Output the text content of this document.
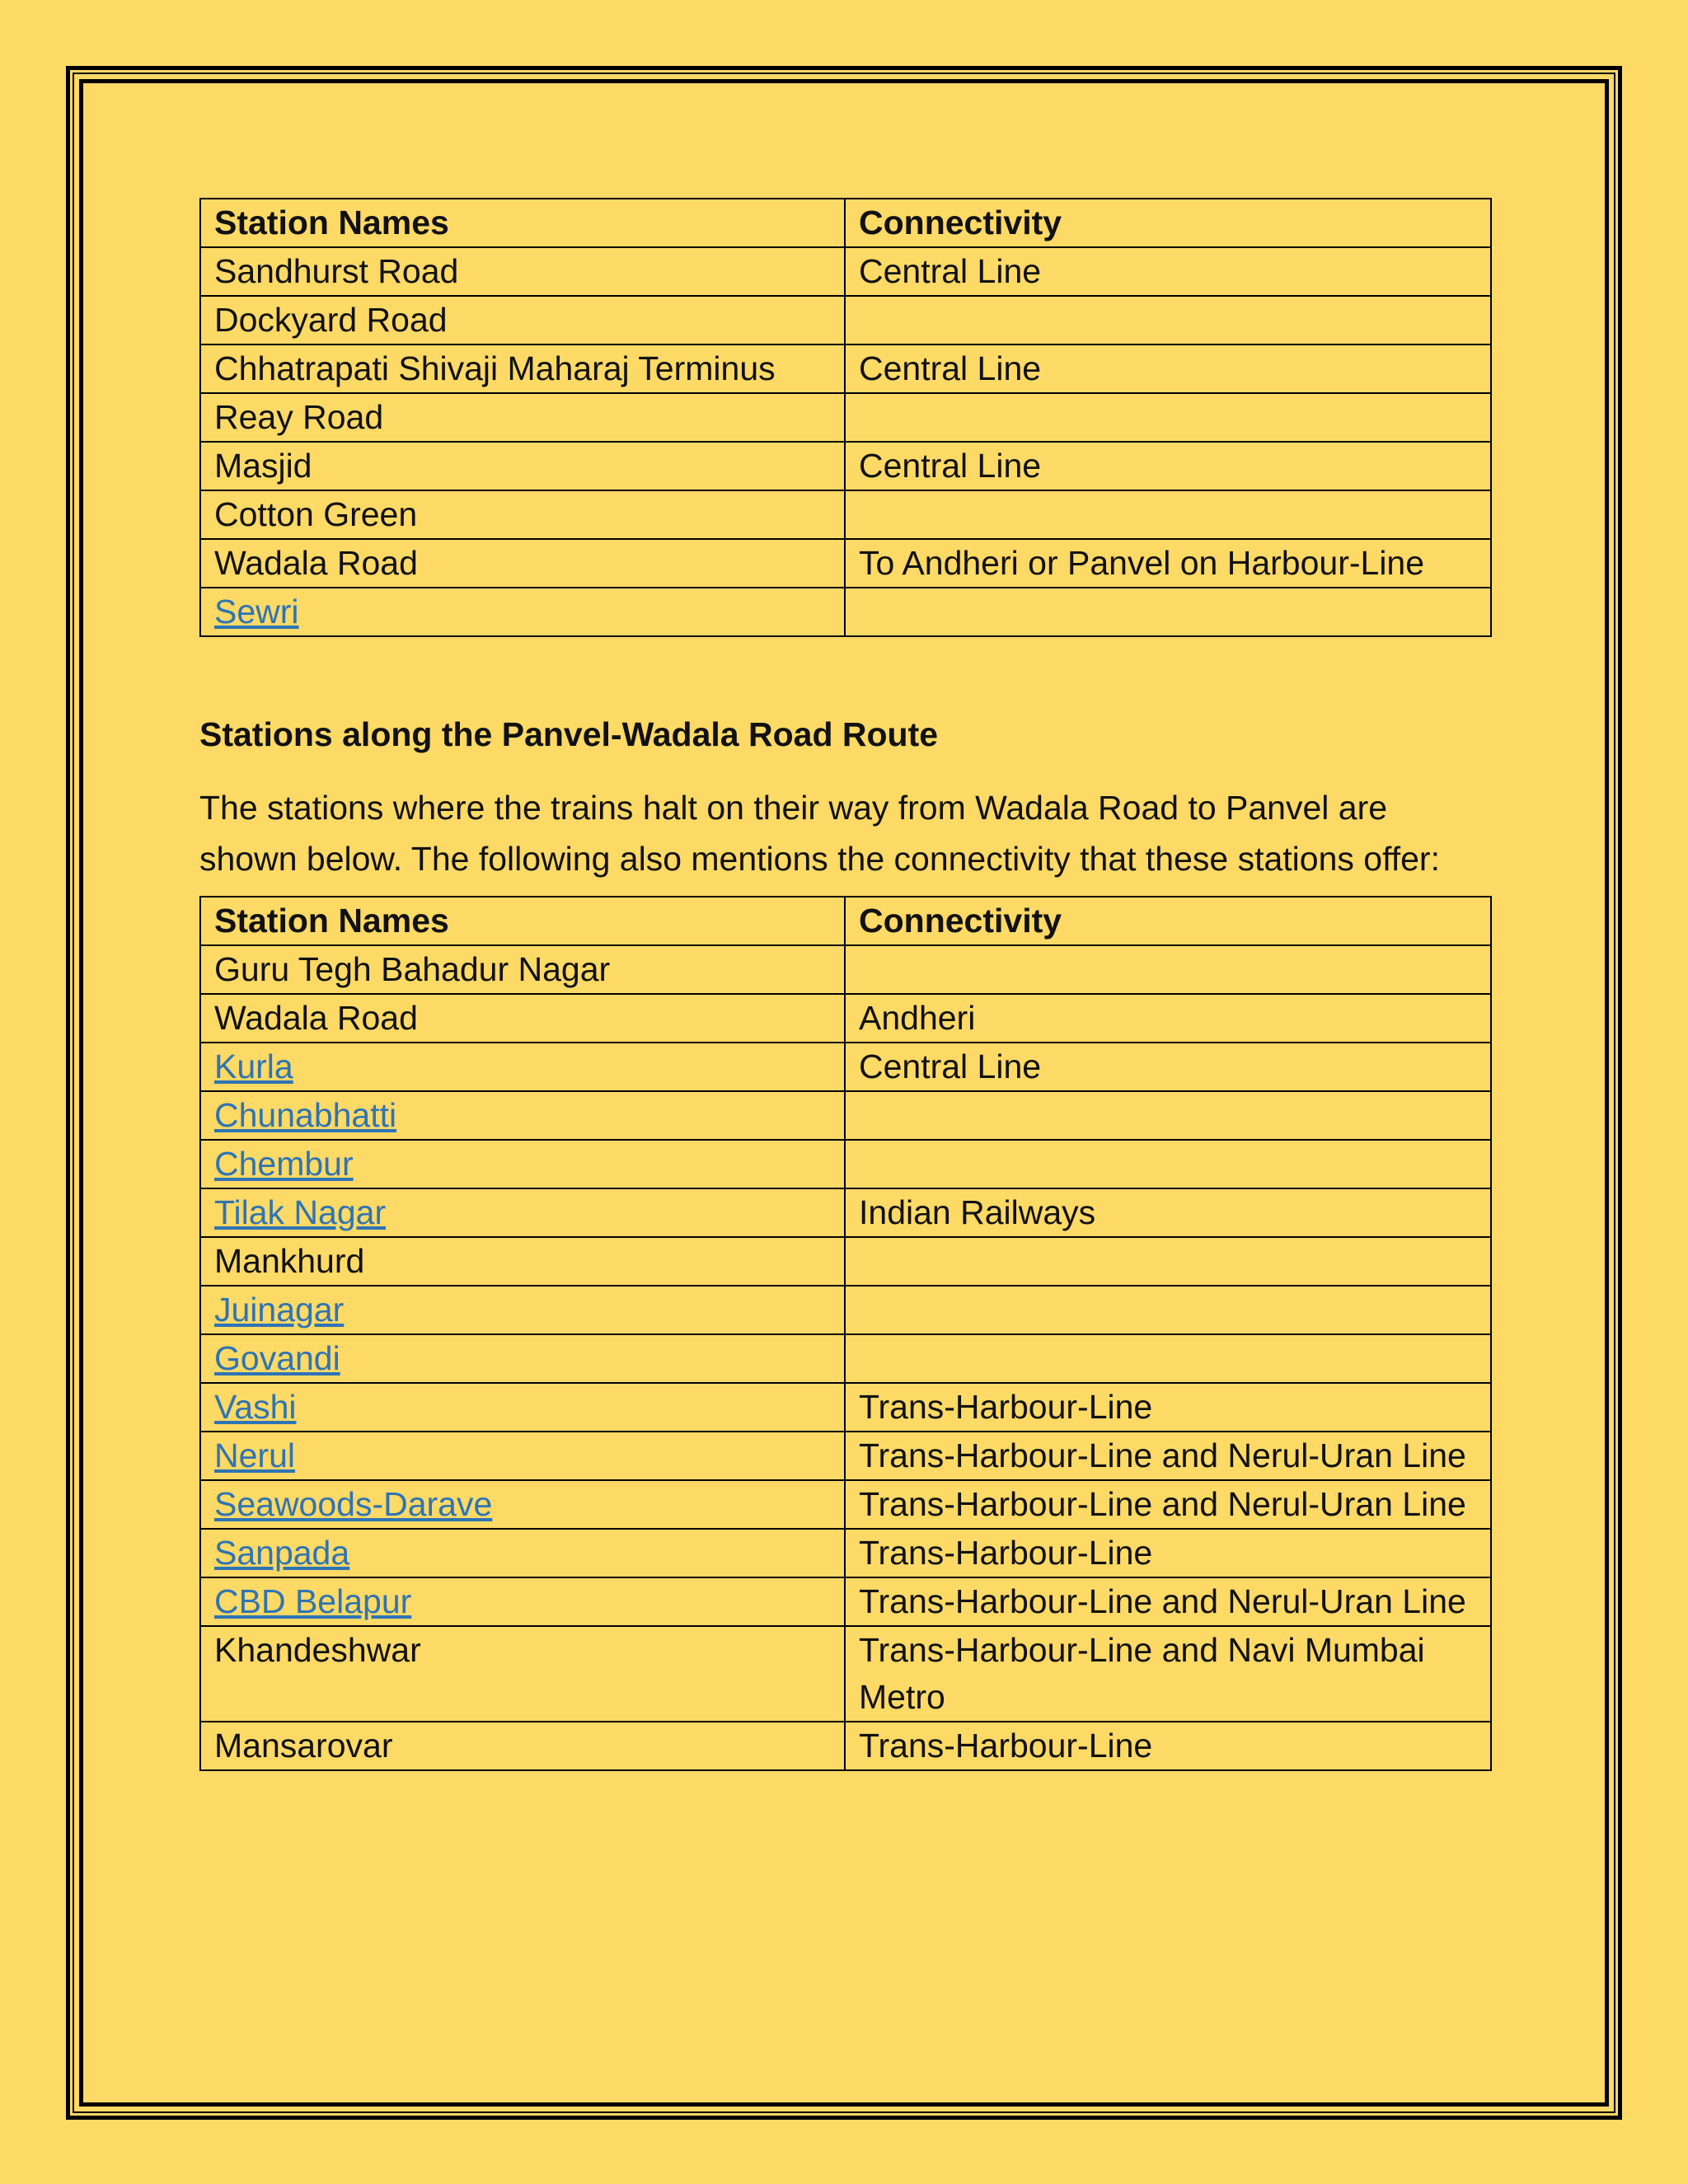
Station Names	Connectivity
Sandhurst Road	Central Line
Dockyard Road	
Chhatrapati Shivaji Maharaj Terminus	Central Line
Reay Road	
Masjid	Central Line
Cotton Green	
Wadala Road	To Andheri or Panvel on Harbour-Line
Sewri	
Stations along the Panvel-Wadala Road Route
The stations where the trains halt on their way from Wadala Road to Panvel are shown below. The following also mentions the connectivity that these stations offer:
Station Names	Connectivity
Guru Tegh Bahadur Nagar	
Wadala Road	Andheri
Kurla	Central Line
Chunabhatti	
Chembur	
Tilak Nagar	Indian Railways
Mankhurd	
Juinagar	
Govandi	
Vashi	Trans-Harbour-Line
Nerul	Trans-Harbour-Line and Nerul-Uran Line
Seawoods-Darave	Trans-Harbour-Line and Nerul-Uran Line
Sanpada	Trans-Harbour-Line
CBD Belapur	Trans-Harbour-Line and Nerul-Uran Line
Khandeshwar	Trans-Harbour-Line and Navi Mumbai Metro
Mansarovar	Trans-Harbour-Line
